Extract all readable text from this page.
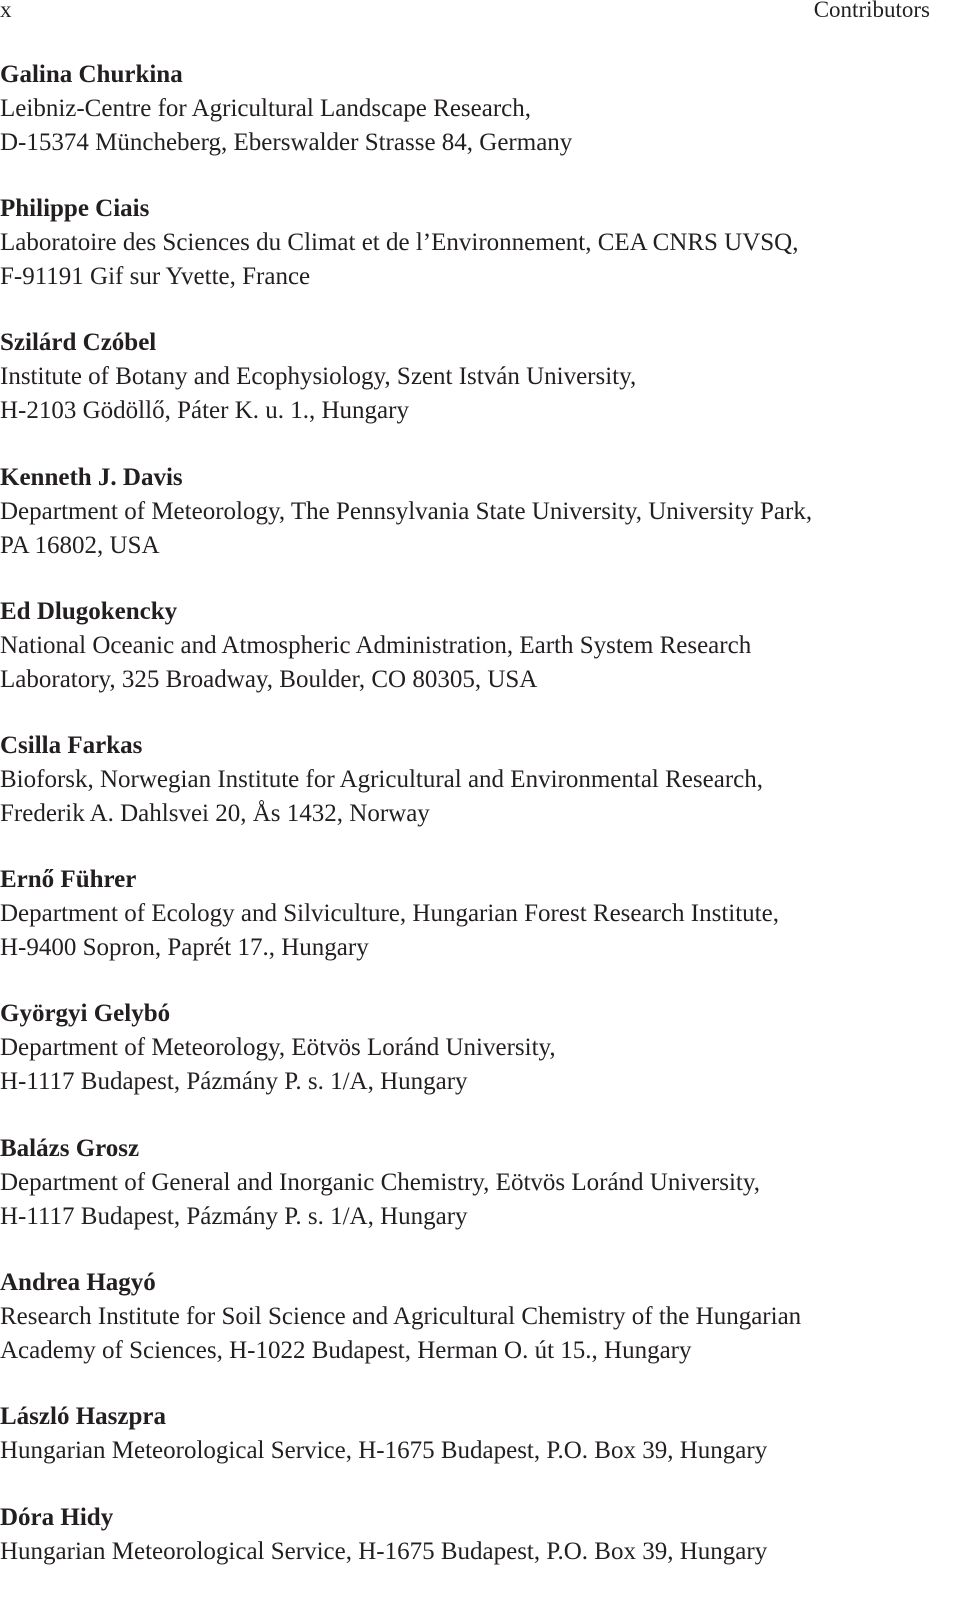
x	Contributors
Galina Churkina
Leibniz-Centre for Agricultural Landscape Research,
D-15374 Müncheberg, Eberswalder Strasse 84, Germany
Philippe Ciais
Laboratoire des Sciences du Climat et de l’Environnement, CEA CNRS UVSQ,
F-91191 Gif sur Yvette, France
Szilárd Czóbel
Institute of Botany and Ecophysiology, Szent István University,
H-2103 Gödöllő, Páter K. u. 1., Hungary
Kenneth J. Davis
Department of Meteorology, The Pennsylvania State University, University Park,
PA 16802, USA
Ed Dlugokencky
National Oceanic and Atmospheric Administration, Earth System Research
Laboratory, 325 Broadway, Boulder, CO 80305, USA
Csilla Farkas
Bioforsk, Norwegian Institute for Agricultural and Environmental Research,
Frederik A. Dahlsvei 20, Ås 1432, Norway
Ernő Führer
Department of Ecology and Silviculture, Hungarian Forest Research Institute,
H-9400 Sopron, Paprét 17., Hungary
Györgyi Gelybó
Department of Meteorology, Eötvös Loránd University,
H-1117 Budapest, Pázmány P. s. 1/A, Hungary
Balázs Grosz
Department of General and Inorganic Chemistry, Eötvös Loránd University,
H-1117 Budapest, Pázmány P. s. 1/A, Hungary
Andrea Hagyó
Research Institute for Soil Science and Agricultural Chemistry of the Hungarian
Academy of Sciences, H-1022 Budapest, Herman O. út 15., Hungary
László Haszpra
Hungarian Meteorological Service, H-1675 Budapest, P.O. Box 39, Hungary
Dóra Hidy
Hungarian Meteorological Service, H-1675 Budapest, P.O. Box 39, Hungary
